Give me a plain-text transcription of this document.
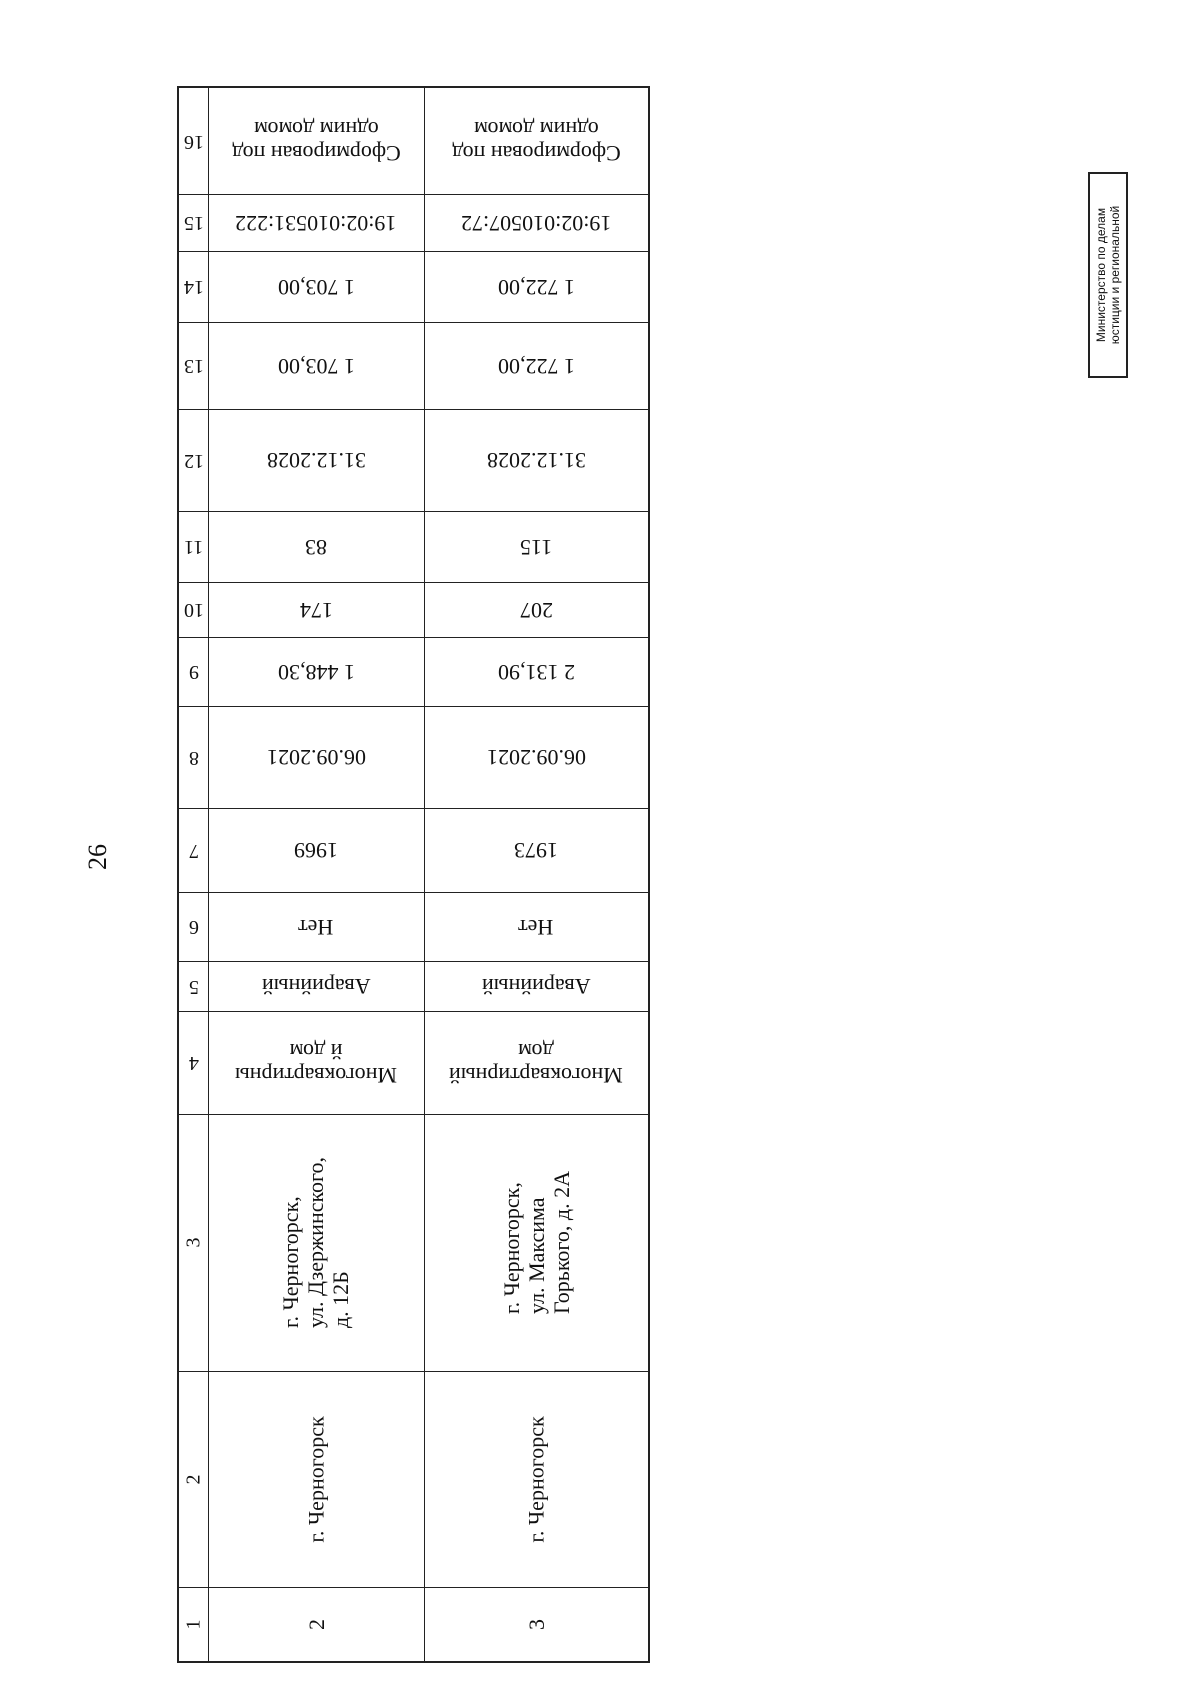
26
Министерство по делам юстиции и региональной
16
15
14
13
12
11
10
9
8
7
6
5
4
3
2
1
Сформирован под
одним домом
19:02:010531:222
1 703,00
1 703,00
31.12.2028
83
174
1 448,30
06.09.2021
1969
Нет
Аварийный
Многоквартирны
й дом
г. Черногорск,
ул. Дзержинского,
д. 12Б
г. Черногорск
2
Сформирован под
одним домом
19:02:010507:72
1 722,00
1 722,00
31.12.2028
115
207
2 131,90
06.09.2021
1973
Нет
Аварийный
Многоквартирный
дом
г. Черногорск,
ул. Максима
Горького, д. 2А
г. Черногорск
3
